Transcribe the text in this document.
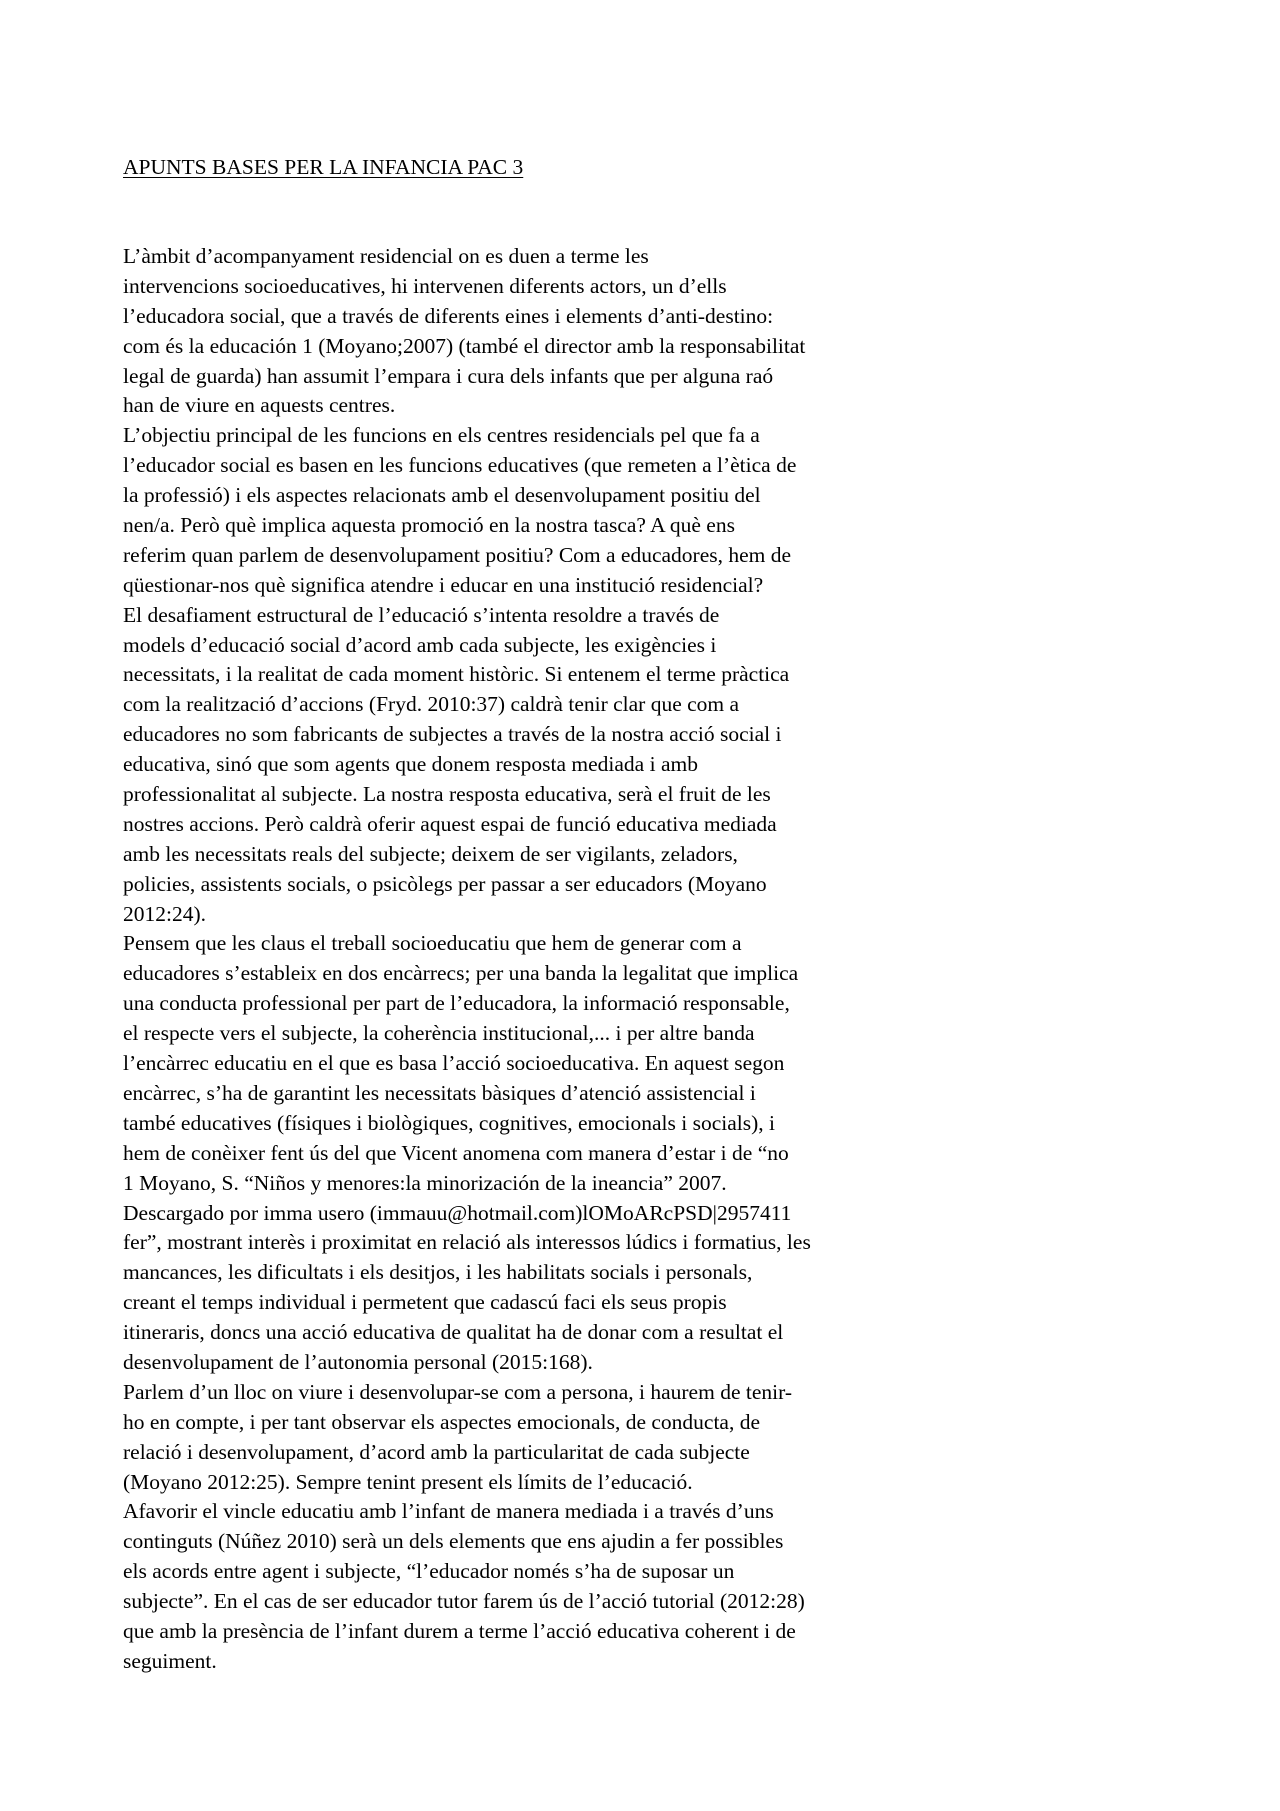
APUNTS BASES PER LA INFANCIA PAC 3
L’àmbit d’acompanyament residencial on es duen a terme les
intervencions socioeducatives, hi intervenen diferents actors, un d’ells
l’educadora social, que a través de diferents eines i elements d’anti-destino:
com és la educación 1 (Moyano;2007) (també el director amb la responsabilitat
legal de guarda) han assumit l’empara i cura dels infants que per alguna raó
han de viure en aquests centres.
L’objectiu principal de les funcions en els centres residencials pel que fa a
l’educador social es basen en les funcions educatives (que remeten a l’ètica de
la professió) i els aspectes relacionats amb el desenvolupament positiu del
nen/a. Però què implica aquesta promoció en la nostra tasca? A què ens
referim quan parlem de desenvolupament positiu? Com a educadores, hem de
qüestionar-nos què significa atendre i educar en una institució residencial?
El desafiament estructural de l’educació s’intenta resoldre a través de
models d’educació social d’acord amb cada subjecte, les exigències i
necessitats, i la realitat de cada moment històric. Si entenem el terme pràctica
com la realització d’accions (Fryd. 2010:37) caldrà tenir clar que com a
educadores no som fabricants de subjectes a través de la nostra acció social i
educativa, sinó que som agents que donem resposta mediada i amb
professionalitat al subjecte. La nostra resposta educativa, serà el fruit de les
nostres accions. Però caldrà oferir aquest espai de funció educativa mediada
amb les necessitats reals del subjecte; deixem de ser vigilants, zeladors,
policies, assistents socials, o psicòlegs per passar a ser educadors (Moyano
2012:24).
Pensem que les claus el treball socioeducatiu que hem de generar com a
educadores s’estableix en dos encàrrecs; per una banda la legalitat que implica
una conducta professional per part de l’educadora, la informació responsable,
el respecte vers el subjecte, la coherència institucional,... i per altre banda
l’encàrrec educatiu en el que es basa l’acció socioeducativa. En aquest segon
encàrrec, s’ha de garantint les necessitats bàsiques d’atenció assistencial i
també educatives (físiques i biològiques, cognitives, emocionals i socials), i
hem de conèixer fent ús del que Vicent anomena com manera d’estar i de “no
1 Moyano, S. “Niños y menores:la minorización de la ineancia” 2007.
Descargado por imma usero (immauu@hotmail.com)lOMoARcPSD|2957411
fer”, mostrant interès i proximitat en relació als interessos lúdics i formatius, les
mancances, les dificultats i els desitjos, i les habilitats socials i personals,
creant el temps individual i permetent que cadascú faci els seus propis
itineraris, doncs una acció educativa de qualitat ha de donar com a resultat el
desenvolupament de l’autonomia personal (2015:168).
Parlem d’un lloc on viure i desenvolupar-se com a persona, i haurem de tenir-
ho en compte, i per tant observar els aspectes emocionals, de conducta, de
relació i desenvolupament, d’acord amb la particularitat de cada subjecte
(Moyano 2012:25). Sempre tenint present els límits de l’educació.
Afavorir el vincle educatiu amb l’infant de manera mediada i a través d’uns
continguts (Núñez 2010) serà un dels elements que ens ajudin a fer possibles
els acords entre agent i subjecte, “l’educador només s’ha de suposar un
subjecte”. En el cas de ser educador tutor farem ús de l’acció tutorial (2012:28)
que amb la presència de l’infant durem a terme l’acció educativa coherent i de
seguiment.
